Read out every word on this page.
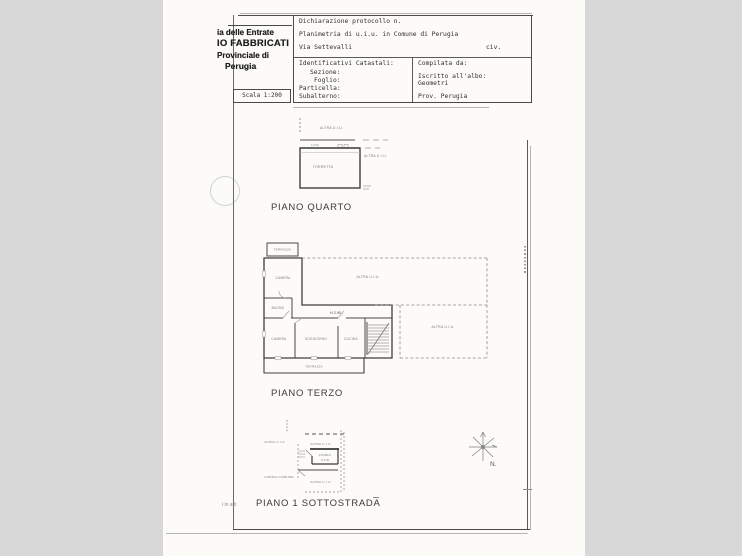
ia delle Entrate
IO FABBRICATI
Provinciale di
Perugia
Scala 1:200
Dichiarazione protocollo n.
Planimetria di u.i.u. in Comune di Perugia
Via Settevalli	civ.
Identificativi Catastali:
Sezione:
Foglio:
Particella:
Subalterno:
Compilata da:
Iscritto all'albo:
Geometri
Prov. Perugia
ALTRA U.I.U.
h 3.00
TORRETTA
ALTRA U.I.U.
PIANO QUARTO
TERRAZZA
TERRAZZA
CAMERA
BAGNO
CAMERA	SOGGIORNO	CUCINA
H 2.90
ALTRA U.I.U.
ALTRA U.I.U.
PIANO TERZO
ALTRA U.I.U.	ALTRA U.I.U.
FONDO
H 2.50
CORSIA COMUNE
ALTRA U.I.U.
i in atti PIANO 1 SOTTOSTRADA
N.
